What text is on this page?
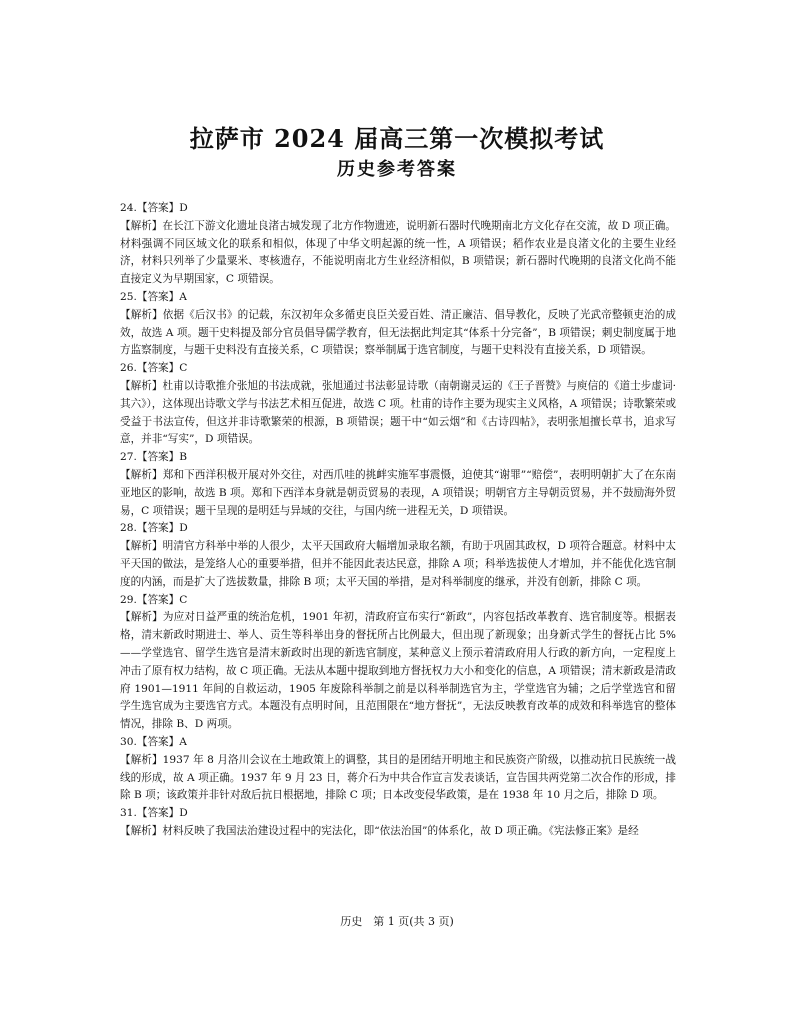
拉萨市 2024 届高三第一次模拟考试
历史参考答案
24.【答案】D
【解析】在长江下游文化遗址良渚古城发现了北方作物遗迹，说明新石器时代晚期南北方文化存在交流，故 D 项正确。材料强调不同区域文化的联系和相似，体现了中华文明起源的统一性，A 项错误；稻作农业是良渚文化的主要生业经济，材料只列举了少量粟米、枣核遗存，不能说明南北方生业经济相似，B 项错误；新石器时代晚期的良渚文化尚不能直接定义为早期国家，C 项错误。
25.【答案】A
【解析】依据《后汉书》的记载，东汉初年众多循吏良臣关爱百姓、清正廉洁、倡导教化，反映了光武帝整顿吏治的成效，故选 A 项。题干史料提及部分官员倡导儒学教育，但无法据此判定其“体系十分完备”，B 项错误；刺史制度属于地方监察制度，与题干史料没有直接关系，C 项错误；察举制属于选官制度，与题干史料没有直接关系，D 项错误。
26.【答案】C
【解析】杜甫以诗歌推介张旭的书法成就，张旭通过书法彰显诗歌（南朝谢灵运的《王子晋赞》与庾信的《道士步虚词·其六》），这体现出诗歌文学与书法艺术相互促进，故选 C 项。杜甫的诗作主要为现实主义风格，A 项错误；诗歌繁荣或受益于书法宣传，但这并非诗歌繁荣的根源，B 项错误；题干中“如云烟”和《古诗四帖》，表明张旭擅长草书，追求写意，并非“写实”，D 项错误。
27.【答案】B
【解析】郑和下西洋积极开展对外交往，对西爪哇的挑衅实施军事震慑，迫使其“谢罪”“赔偿”，表明明朝扩大了在东南亚地区的影响，故选 B 项。郑和下西洋本身就是朝贡贸易的表现，A 项错误；明朝官方主导朝贡贸易，并不鼓励海外贸易，C 项错误；题干呈现的是明廷与异域的交往，与国内统一进程无关，D 项错误。
28.【答案】D
【解析】明清官方科举中举的人很少，太平天国政府大幅增加录取名额，有助于巩固其政权，D 项符合题意。材料中太平天国的做法，是笼络人心的重要举措，但并不能因此表达民意，排除 A 项；科举选拔使人才增加，并不能优化选官制度的内涵，而是扩大了选拔数量，排除 B 项；太平天国的举措，是对科举制度的继承，并没有创新，排除 C 项。
29.【答案】C
【解析】为应对日益严重的统治危机，1901 年初，清政府宣布实行“新政”，内容包括改革教育、选官制度等。根据表格，清末新政时期进士、举人、贡生等科举出身的督抚所占比例最大，但出现了新现象；出身新式学生的督抚占比 5% ——学堂选官、留学生选官是清末新政时出现的新选官制度，某种意义上预示着清政府用人行政的新方向，一定程度上冲击了原有权力结构，故 C 项正确。无法从本题中提取到地方督抚权力大小和变化的信息，A 项错误；清末新政是清政府 1901—1911 年间的自救运动，1905 年废除科举制之前是以科举制选官为主，学堂选官为辅；之后学堂选官和留学生选官成为主要选官方式。本题没有点明时间，且范围限在“地方督抚”，无法反映教育改革的成效和科举选官的整体情况，排除 B、D 两项。
30.【答案】A
【解析】1937 年 8 月洛川会议在土地政策上的调整，其目的是团结开明地主和民族资产阶级，以推动抗日民族统一战线的形成，故 A 项正确。1937 年 9 月 23 日，蒋介石为中共合作宣言发表谈话，宣告国共两党第二次合作的形成，排除 B 项；该政策并非针对敌后抗日根据地，排除 C 项；日本改变侵华政策，是在 1938 年 10 月之后，排除 D 项。
31.【答案】D
【解析】材料反映了我国法治建设过程中的宪法化，即“依法治国”的体系化，故 D 项正确。《宪法修正案》是经
历史　第 1 页(共 3 页)
